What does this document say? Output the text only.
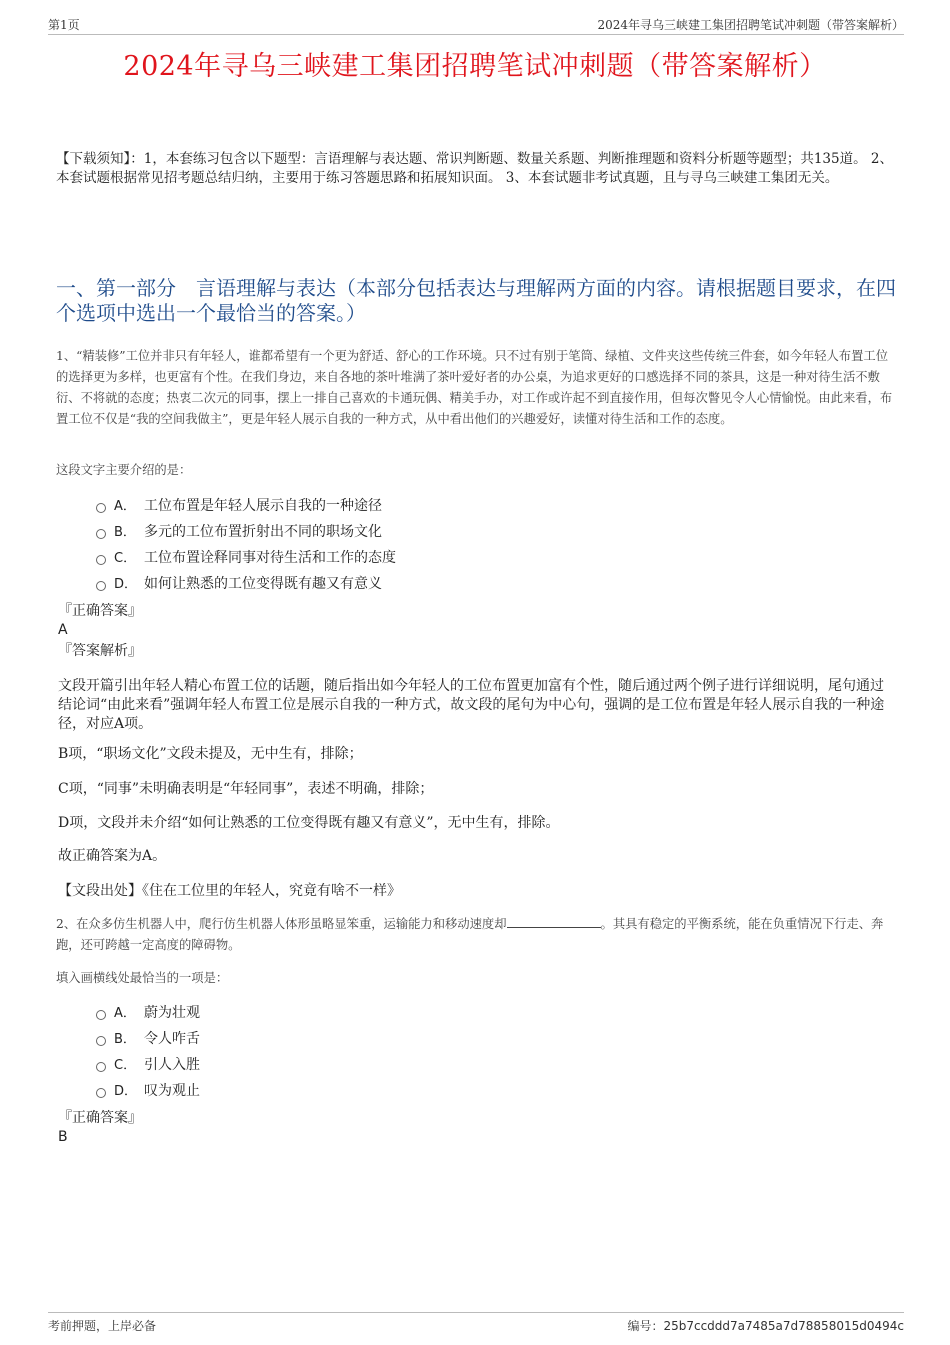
第1页	2024年寻乌三峡建工集团招聘笔试冲刺题（带答案解析）
2024年寻乌三峡建工集团招聘笔试冲刺题（带答案解析）
【下载须知】：1，本套练习包含以下题型：言语理解与表达题、常识判断题、数量关系题、判断推理题和资料分析题等题型；共135道。 2、本套试题根据常见招考题总结归纳，主要用于练习答题思路和拓展知识面。 3、本套试题非考试真题，且与寻乌三峡建工集团无关。
一、第一部分　言语理解与表达（本部分包括表达与理解两方面的内容。请根据题目要求，在四个选项中选出一个最恰当的答案。）
1、“精装修”工位并非只有年轻人，谁都希望有一个更为舒适、舒心的工作环境。只不过有别于笔筒、绿植、文件夹这些传统三件套，如今年轻人布置工位的选择更为多样，也更富有个性。在我们身边，来自各地的茶叶堆满了茶叶爱好者的办公桌，为追求更好的口感选择不同的茶具，这是一种对待生活不敷衍、不将就的态度；热衷二次元的同事，摆上一排自己喜欢的卡通玩偶、精美手办，对工作或许起不到直接作用，但每次瞥见令人心情愉悦。由此来看，布置工位不仅是“我的空间我做主”，更是年轻人展示自我的一种方式，从中看出他们的兴趣爱好，读懂对待生活和工作的态度。
这段文字主要介绍的是：
A． 工位布置是年轻人展示自我的一种途径
B． 多元的工位布置折射出不同的职场文化
C． 工位布置诠释同事对待生活和工作的态度
D． 如何让熟悉的工位变得既有趣又有意义
『正确答案』
A
『答案解析』
文段开篇引出年轻人精心布置工位的话题，随后指出如今年轻人的工位布置更加富有个性，随后通过两个例子进行详细说明，尾句通过结论词“由此来看”强调年轻人布置工位是展示自我的一种方式，故文段的尾句为中心句，强调的是工位布置是年轻人展示自我的一种途径，对应A项。
B项，“职场文化”文段未提及，无中生有，排除；
C项，“同事”未明确表明是“年轻同事”，表述不明确，排除；
D项，文段并未介绍“如何让熟悉的工位变得既有趣又有意义”，无中生有，排除。
故正确答案为A。
【文段出处】《住在工位里的年轻人，究竟有啥不一样》
2、在众多仿生机器人中，爬行仿生机器人体形虽略显笨重，运输能力和移动速度却	。其具有稳定的平衡系统，能在负重情况下行走、奔跑，还可跨越一定高度的障碍物。
填入画横线处最恰当的一项是：
A． 蔚为壮观
B． 令人咋舌
C． 引人入胜
D． 叹为观止
『正确答案』
B
考前押题，上岸必备	编号：25b7ccddd7a7485a7d78858015d0494c
